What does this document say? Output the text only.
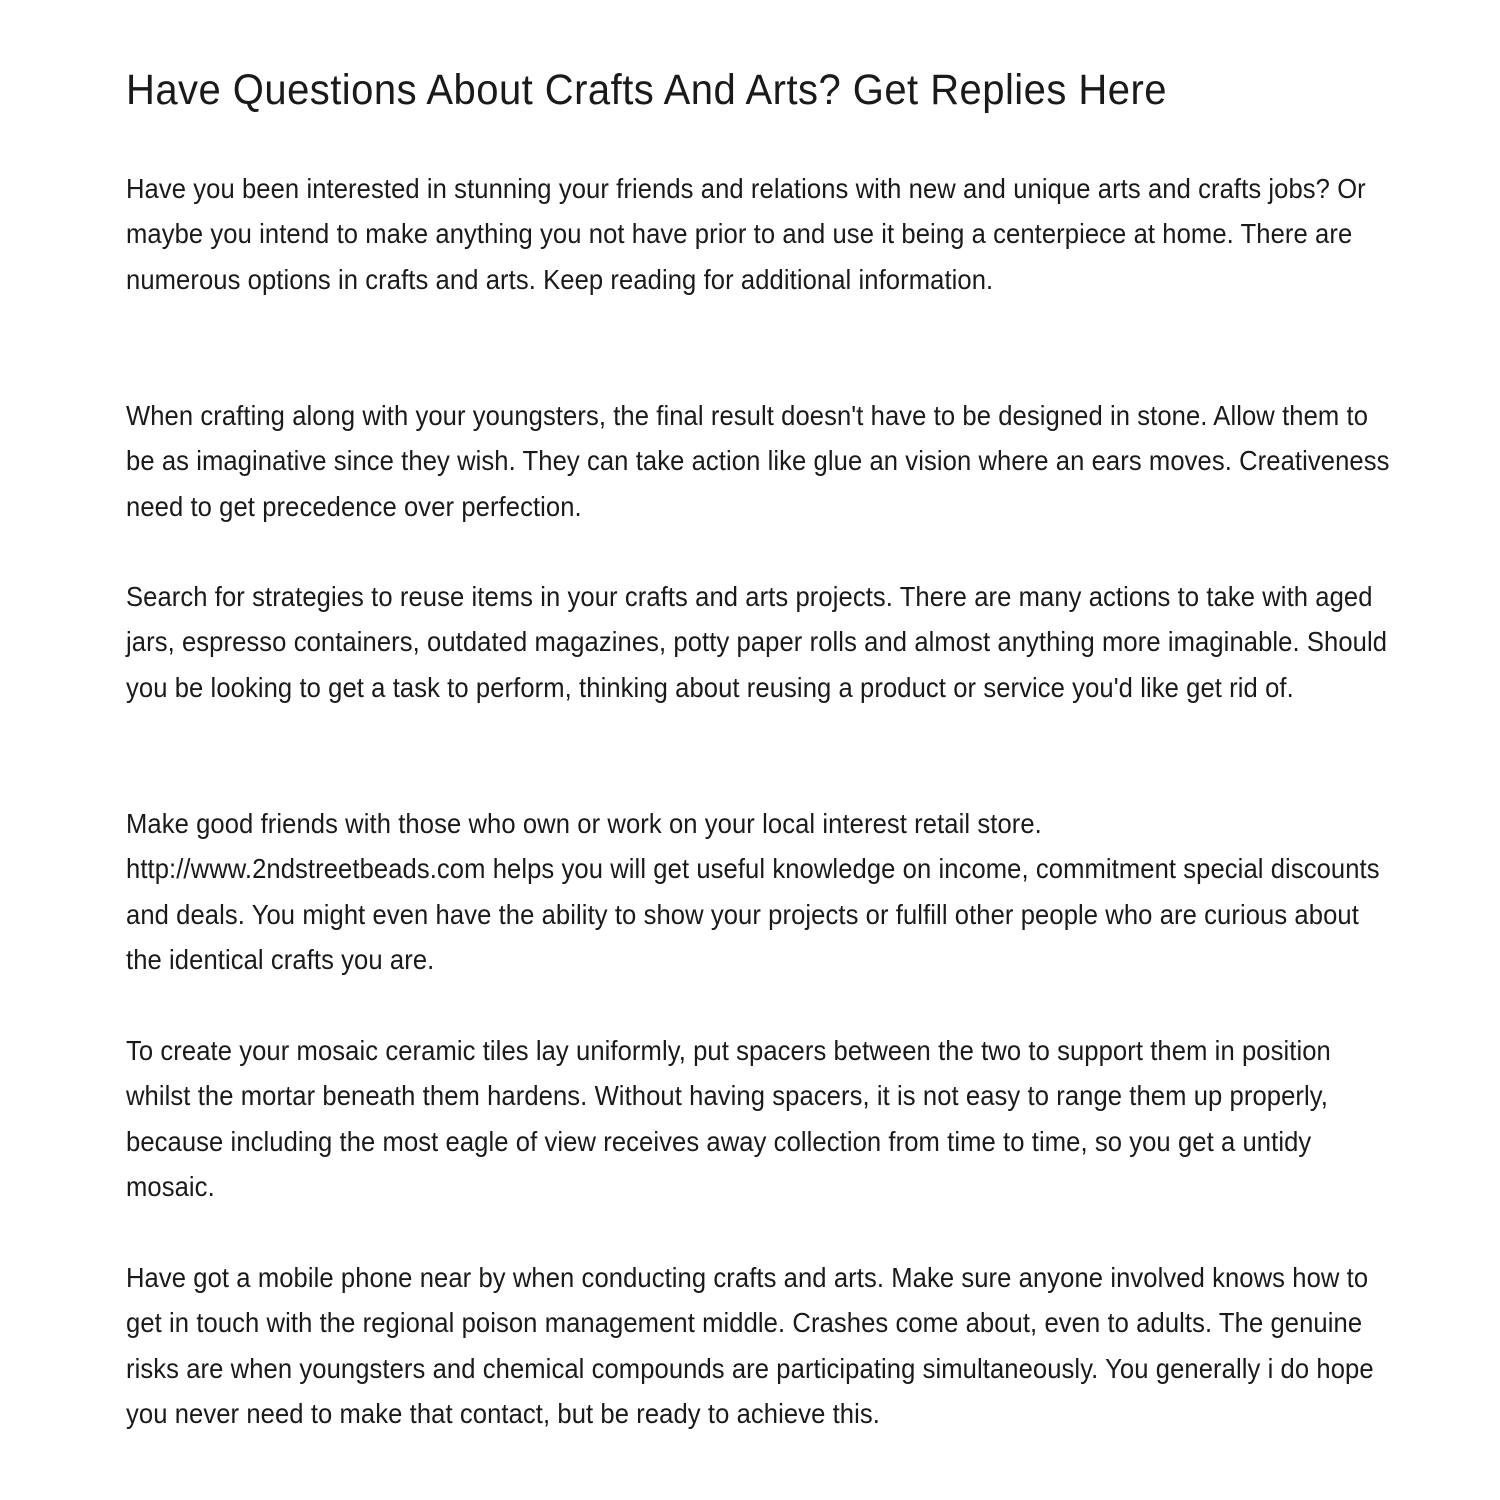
Have Questions About Crafts And Arts? Get Replies Here

Have you been interested in stunning your friends and relations with new and unique arts and crafts jobs? Or maybe you intend to make anything you not have prior to and use it being a centerpiece at home. There are numerous options in crafts and arts. Keep reading for additional information.

When crafting along with your youngsters, the final result doesn't have to be designed in stone. Allow them to be as imaginative since they wish. They can take action like glue an vision where an ears moves. Creativeness need to get precedence over perfection.

Search for strategies to reuse items in your crafts and arts projects. There are many actions to take with aged jars, espresso containers, outdated magazines, potty paper rolls and almost anything more imaginable. Should you be looking to get a task to perform, thinking about reusing a product or service you'd like get rid of.

Make good friends with those who own or work on your local interest retail store. http://www.2ndstreetbeads.com helps you will get useful knowledge on income, commitment special discounts and deals. You might even have the ability to show your projects or fulfill other people who are curious about the identical crafts you are.

To create your mosaic ceramic tiles lay uniformly, put spacers between the two to support them in position whilst the mortar beneath them hardens. Without having spacers, it is not easy to range them up properly, because including the most eagle of view receives away collection from time to time, so you get a untidy mosaic.

Have got a mobile phone near by when conducting crafts and arts. Make sure anyone involved knows how to get in touch with the regional poison management middle. Crashes come about, even to adults. The genuine risks are when youngsters and chemical compounds are participating simultaneously. You generally i do hope you never need to make that contact, but be ready to achieve this.
